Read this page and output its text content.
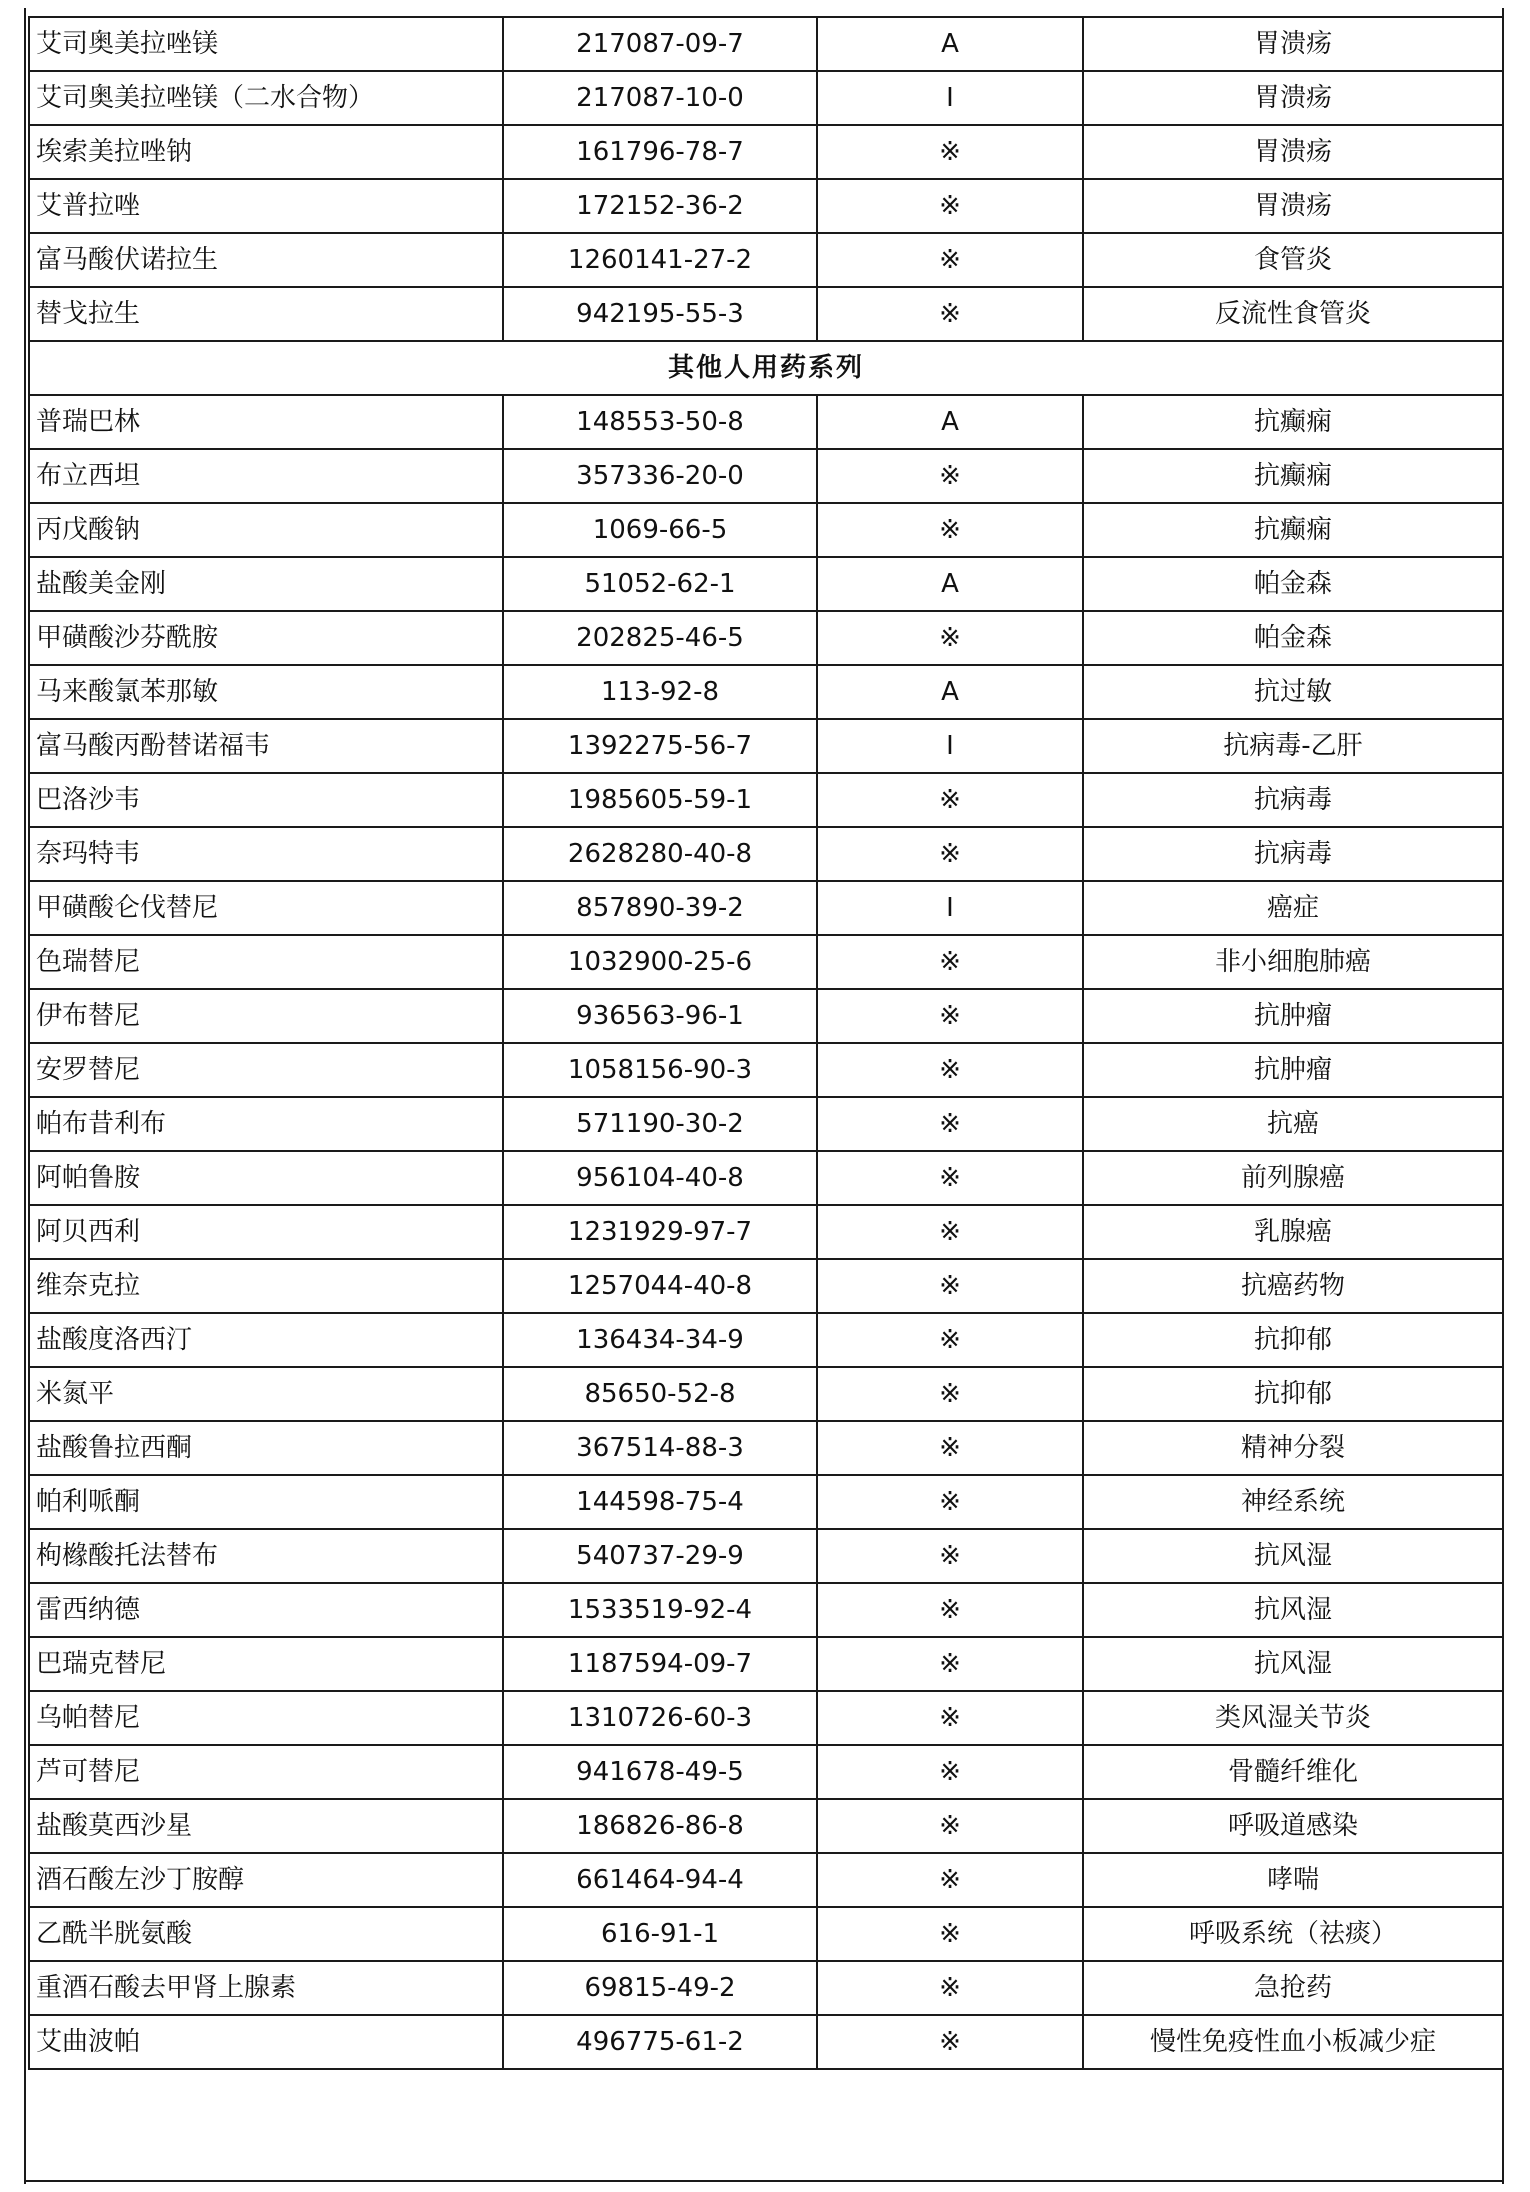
艾司奥美拉唑镁	217087-09-7	A	胃溃疡
艾司奥美拉唑镁（二水合物）	217087-10-0	I	胃溃疡
埃索美拉唑钠	161796-78-7	※	胃溃疡
艾普拉唑	172152-36-2	※	胃溃疡
富马酸伏诺拉生	1260141-27-2	※	食管炎
替戈拉生	942195-55-3	※	反流性食管炎
其他人用药系列			
普瑞巴林	148553-50-8	A	抗癫痫
布立西坦	357336-20-0	※	抗癫痫
丙戊酸钠	1069-66-5	※	抗癫痫
盐酸美金刚	51052-62-1	A	帕金森
甲磺酸沙芬酰胺	202825-46-5	※	帕金森
马来酸氯苯那敏	113-92-8	A	抗过敏
富马酸丙酚替诺福韦	1392275-56-7	I	抗病毒-乙肝
巴洛沙韦	1985605-59-1	※	抗病毒
奈玛特韦	2628280-40-8	※	抗病毒
甲磺酸仑伐替尼	857890-39-2	I	癌症
色瑞替尼	1032900-25-6	※	非小细胞肺癌
伊布替尼	936563-96-1	※	抗肿瘤
安罗替尼	1058156-90-3	※	抗肿瘤
帕布昔利布	571190-30-2	※	抗癌
阿帕鲁胺	956104-40-8	※	前列腺癌
阿贝西利	1231929-97-7	※	乳腺癌
维奈克拉	1257044-40-8	※	抗癌药物
盐酸度洛西汀	136434-34-9	※	抗抑郁
米氮平	85650-52-8	※	抗抑郁
盐酸鲁拉西酮	367514-88-3	※	精神分裂
帕利哌酮	144598-75-4	※	神经系统
枸橼酸托法替布	540737-29-9	※	抗风湿
雷西纳德	1533519-92-4	※	抗风湿
巴瑞克替尼	1187594-09-7	※	抗风湿
乌帕替尼	1310726-60-3	※	类风湿关节炎
芦可替尼	941678-49-5	※	骨髓纤维化
盐酸莫西沙星	186826-86-8	※	呼吸道感染
酒石酸左沙丁胺醇	661464-94-4	※	哮喘
乙酰半胱氨酸	616-91-1	※	呼吸系统（祛痰）
重酒石酸去甲肾上腺素	69815-49-2	※	急抢药
艾曲波帕	496775-61-2	※	慢性免疫性血小板减少症
